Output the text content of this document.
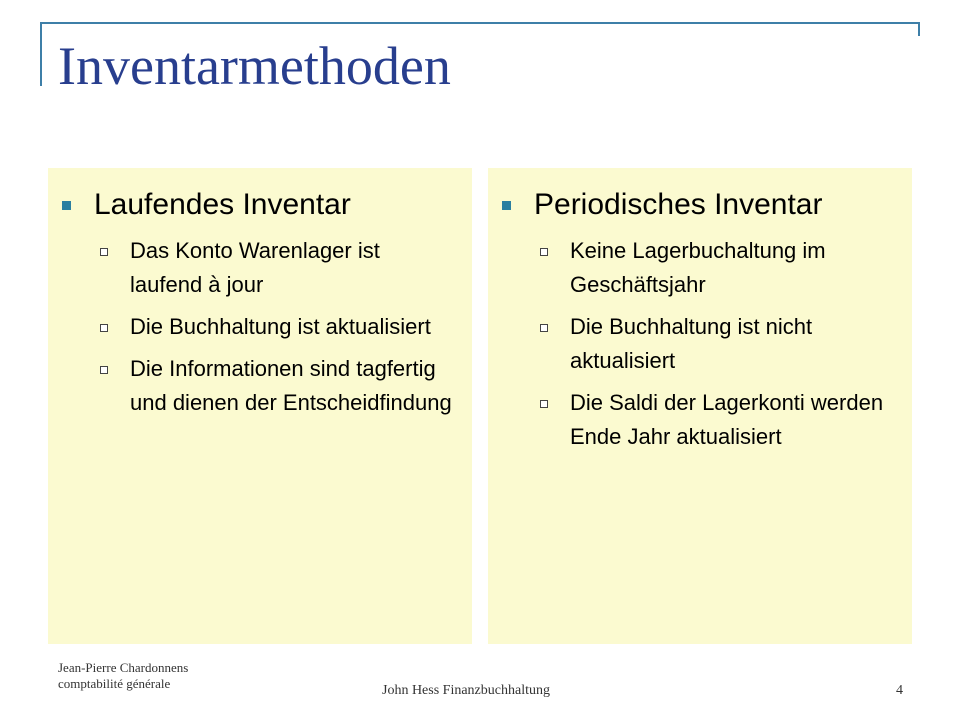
Inventarmethoden
Laufendes Inventar
Das Konto Warenlager ist laufend à jour
Die Buchhaltung ist aktualisiert
Die Informationen sind tagfertig und dienen der Entscheidfindung
Periodisches Inventar
Keine Lagerbuchaltung im Geschäftsjahr
Die Buchhaltung ist nicht aktualisiert
Die Saldi der Lagerkonti werden Ende Jahr aktualisiert
Jean-Pierre Chardonnens
comptabilité générale	John Hess Finanzbuchhaltung	4
